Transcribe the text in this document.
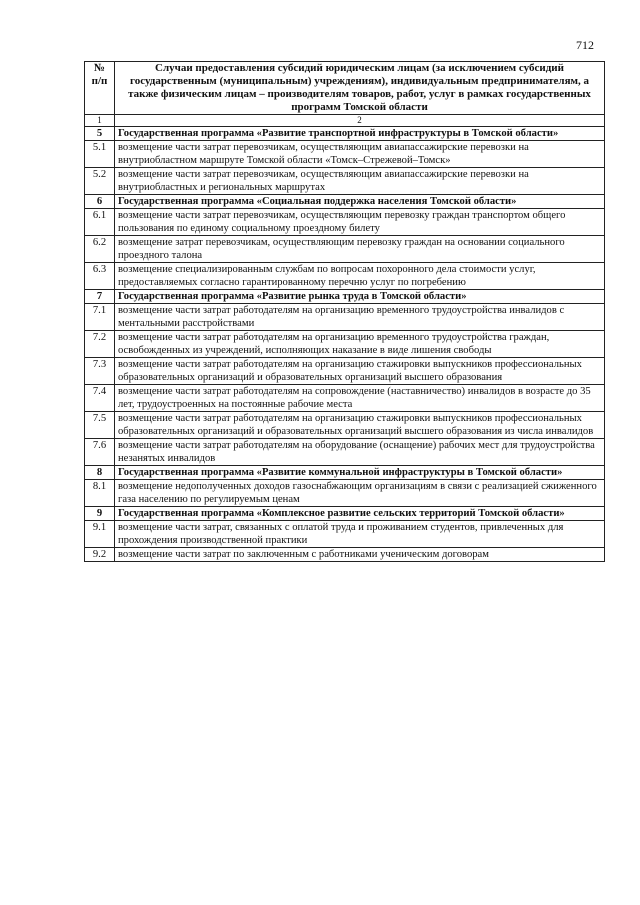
712
№ п/п	Случаи предоставления субсидий юридическим лицам (за исключением субсидий государственным (муниципальным) учреждениям), индивидуальным предпринимателям, а также физическим лицам – производителям товаров, работ, услуг в рамках государственных программ Томской области
1	2
5	Государственная программа «Развитие транспортной инфраструктуры в Томской области»
5.1	возмещение части затрат перевозчикам, осуществляющим авиапассажирские перевозки на внутриобластном маршруте Томской области «Томск–Стрежевой–Томск»
5.2	возмещение части затрат перевозчикам, осуществляющим авиапассажирские перевозки на внутриобластных и региональных маршрутах
6	Государственная программа «Социальная поддержка населения Томской области»
6.1	возмещение части затрат перевозчикам, осуществляющим перевозку граждан транспортом общего пользования по единому социальному проездному билету
6.2	возмещение затрат перевозчикам, осуществляющим перевозку граждан на основании социального проездного талона
6.3	возмещение специализированным службам по вопросам похоронного дела стоимости услуг, предоставляемых согласно гарантированному перечню услуг по погребению
7	Государственная программа «Развитие рынка труда в Томской области»
7.1	возмещение части затрат работодателям на организацию временного трудоустройства инвалидов с ментальными расстройствами
7.2	возмещение части затрат работодателям на организацию временного трудоустройства граждан, освобожденных из учреждений, исполняющих наказание в виде лишения свободы
7.3	возмещение части затрат работодателям на организацию стажировки выпускников профессиональных образовательных организаций и образовательных организаций высшего образования
7.4	возмещение части затрат работодателям на сопровождение (наставничество) инвалидов в возрасте до 35 лет, трудоустроенных на постоянные рабочие места
7.5	возмещение части затрат работодателям на организацию стажировки выпускников профессиональных образовательных организаций и образовательных организаций высшего образования из числа инвалидов
7.6	возмещение части затрат работодателям на оборудование (оснащение) рабочих мест для трудоустройства незанятых инвалидов
8	Государственная программа «Развитие коммунальной инфраструктуры в Томской области»
8.1	возмещение недополученных доходов газоснабжающим организациям в связи с реализацией сжиженного газа населению по регулируемым ценам
9	Государственная программа «Комплексное развитие сельских территорий Томской области»
9.1	возмещение части затрат, связанных с оплатой труда и проживанием студентов, привлеченных для прохождения производственной практики
9.2	возмещение части затрат по заключенным с работниками ученическим договорам
